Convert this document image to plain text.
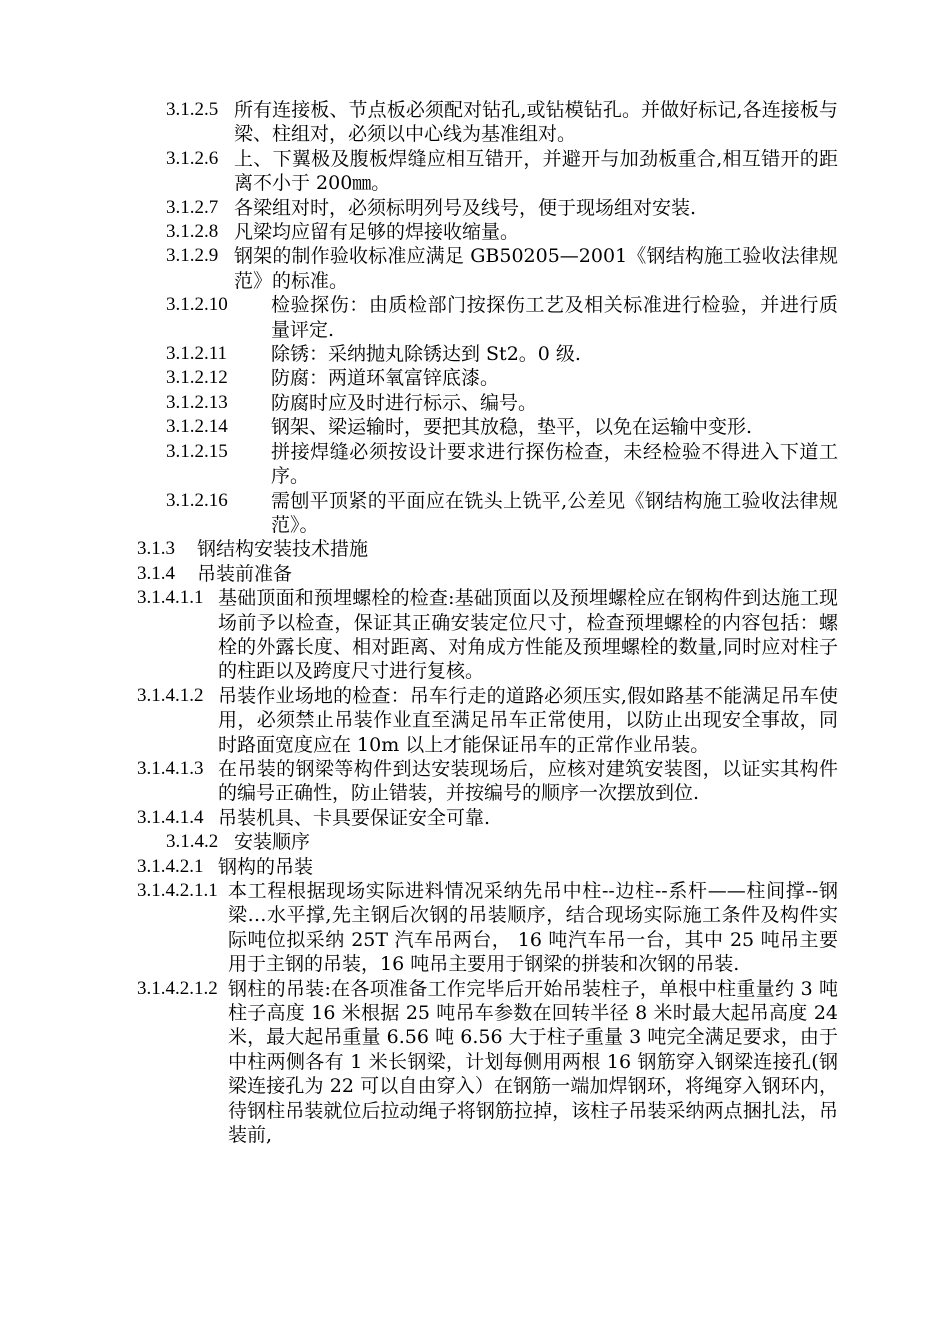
3.1.2.5 所有连接板、节点板必须配对钻孔,或钻模钻孔。并做好标记,各连接板与梁、柱组对，必须以中心线为基准组对。
3.1.2.6 上、下翼极及腹板焊缝应相互错开，并避开与加劲板重合,相互错开的距离不小于 200㎜。
3.1.2.7 各梁组对时，必须标明列号及线号，便于现场组对安装.
3.1.2.8 凡梁均应留有足够的焊接收缩量。
3.1.2.9 钢架的制作验收标准应满足 GB50205—2001《钢结构施工验收法律规范》的标准。
3.1.2.10	检验探伤：由质检部门按探伤工艺及相关标准进行检验，并进行质量评定.
3.1.2.11	除锈：采纳抛丸除锈达到 St2。0 级.
3.1.2.12	防腐：两道环氧富锌底漆。
3.1.2.13	防腐时应及时进行标示、编号。
3.1.2.14	钢架、梁运输时，要把其放稳，垫平，以免在运输中变形.
3.1.2.15	拼接焊缝必须按设计要求进行探伤检查，未经检验不得进入下道工序。
3.1.2.16	需刨平顶紧的平面应在铣头上铣平,公差见《钢结构施工验收法律规范》。
3.1.3	钢结构安装技术措施
3.1.4	吊装前准备
3.1.4.1.1 基础顶面和预埋螺栓的检查:基础顶面以及预埋螺栓应在钢构件到达施工现场前予以检查，保证其正确安装定位尺寸，检查预埋螺栓的内容包括：螺栓的外露长度、相对距离、对角成方性能及预埋螺栓的数量,同时应对柱子的柱距以及跨度尺寸进行复核。
3.1.4.1.2 吊装作业场地的检查：吊车行走的道路必须压实,假如路基不能满足吊车使用，必须禁止吊装作业直至满足吊车正常使用，以防止出现安全事故，同时路面宽度应在 10m 以上才能保证吊车的正常作业吊装。
3.1.4.1.3 在吊装的钢梁等构件到达安装现场后，应核对建筑安装图，以证实其构件的编号正确性，防止错装，并按编号的顺序一次摆放到位.
3.1.4.1.4 吊装机具、卡具要保证安全可靠.
3.1.4.2 安装顺序
3.1.4.2.1 钢构的吊装
3.1.4.2.1.1 本工程根据现场实际进料情况采纳先吊中柱--边柱--系杆——柱间撑--钢梁…水平撑,先主钢后次钢的吊装顺序，结合现场实际施工条件及构件实际吨位拟采纳 25T 汽车吊两台， 16 吨汽车吊一台，其中 25 吨吊主要用于主钢的吊装，16 吨吊主要用于钢梁的拼装和次钢的吊装.
3.1.4.2.1.2 钢柱的吊装:在各项准备工作完毕后开始吊装柱子，单根中柱重量约 3 吨柱子高度 16 米根据 25 吨吊车参数在回转半径 8 米时最大起吊高度 24 米，最大起吊重量 6.56 吨 6.56 大于柱子重量 3 吨完全满足要求，由于中柱两侧各有 1 米长钢梁，计划每侧用两根 16 钢筋穿入钢梁连接孔(钢梁连接孔为 22 可以自由穿入）在钢筋一端加焊钢环，将绳穿入钢环内，待钢柱吊装就位后拉动绳子将钢筋拉掉，该柱子吊装采纳两点捆扎法，吊装前,
